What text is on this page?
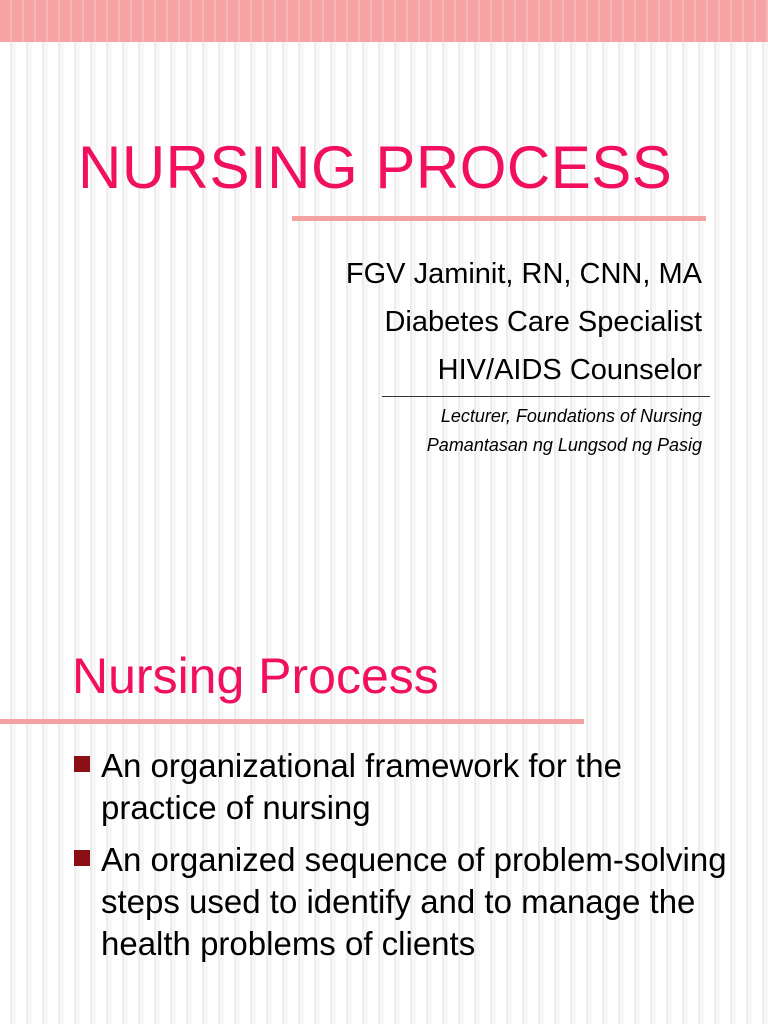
NURSING PROCESS
FGV Jaminit, RN, CNN, MA
Diabetes Care Specialist
HIV/AIDS Counselor
Lecturer, Foundations of Nursing
Pamantasan ng Lungsod ng Pasig
Nursing Process
An organizational framework for the practice of nursing
An organized sequence of problem-solving steps used to identify and to manage the health problems of clients
